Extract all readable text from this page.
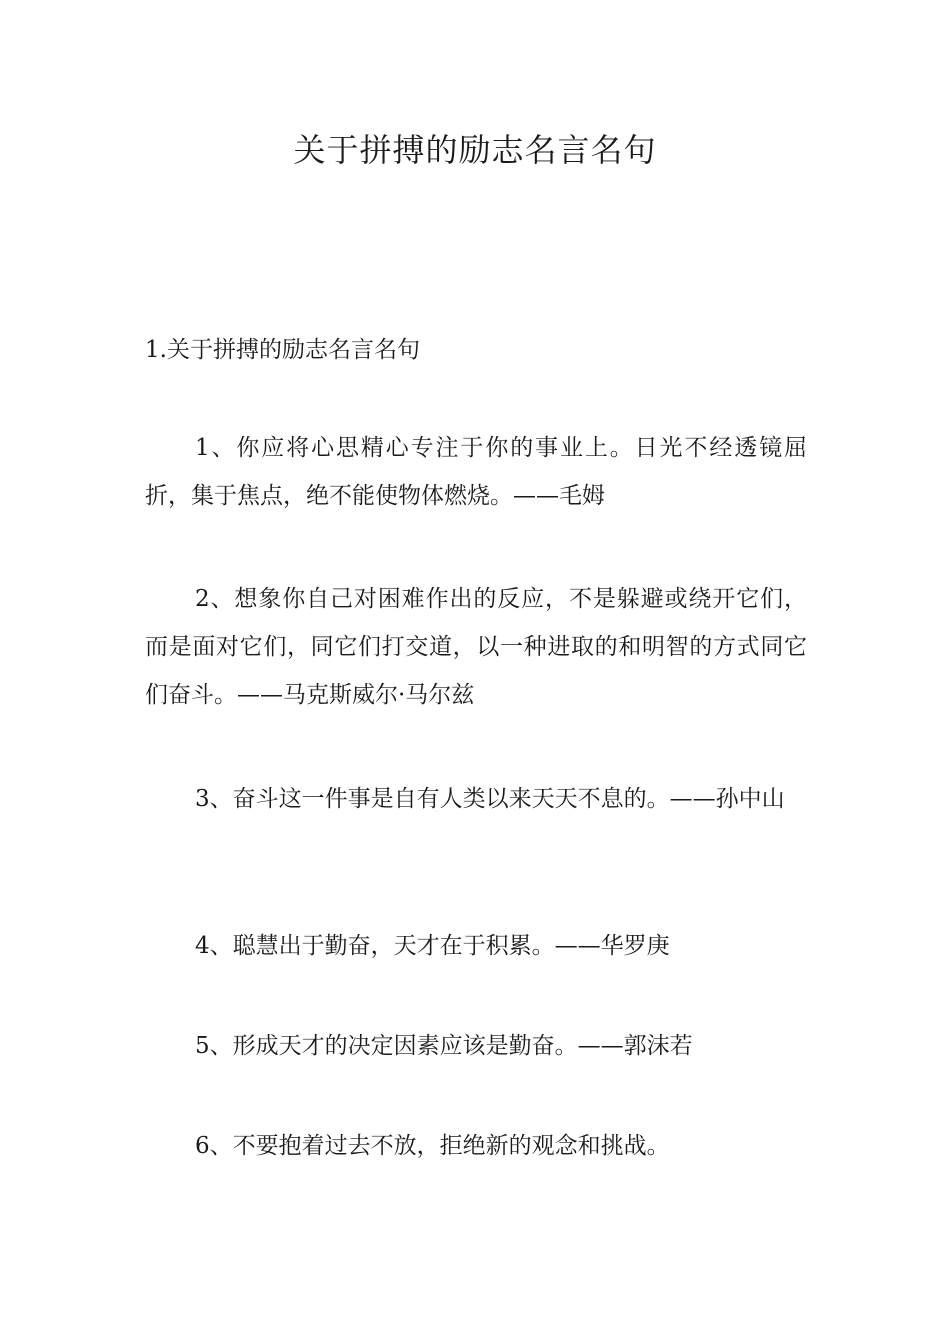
关于拼搏的励志名言名句

1.关于拼搏的励志名言名句

1、你应将心思精心专注于你的事业上。日光不经透镜屈折，集于焦点，绝不能使物体燃烧。——毛姆

2、想象你自己对困难作出的反应，不是躲避或绕开它们，而是面对它们，同它们打交道，以一种进取的和明智的方式同它们奋斗。——马克斯威尔·马尔兹

3、奋斗这一件事是自有人类以来天天不息的。——孙中山

4、聪慧出于勤奋，天才在于积累。——华罗庚

5、形成天才的决定因素应该是勤奋。——郭沫若

6、不要抱着过去不放，拒绝新的观念和挑战。
